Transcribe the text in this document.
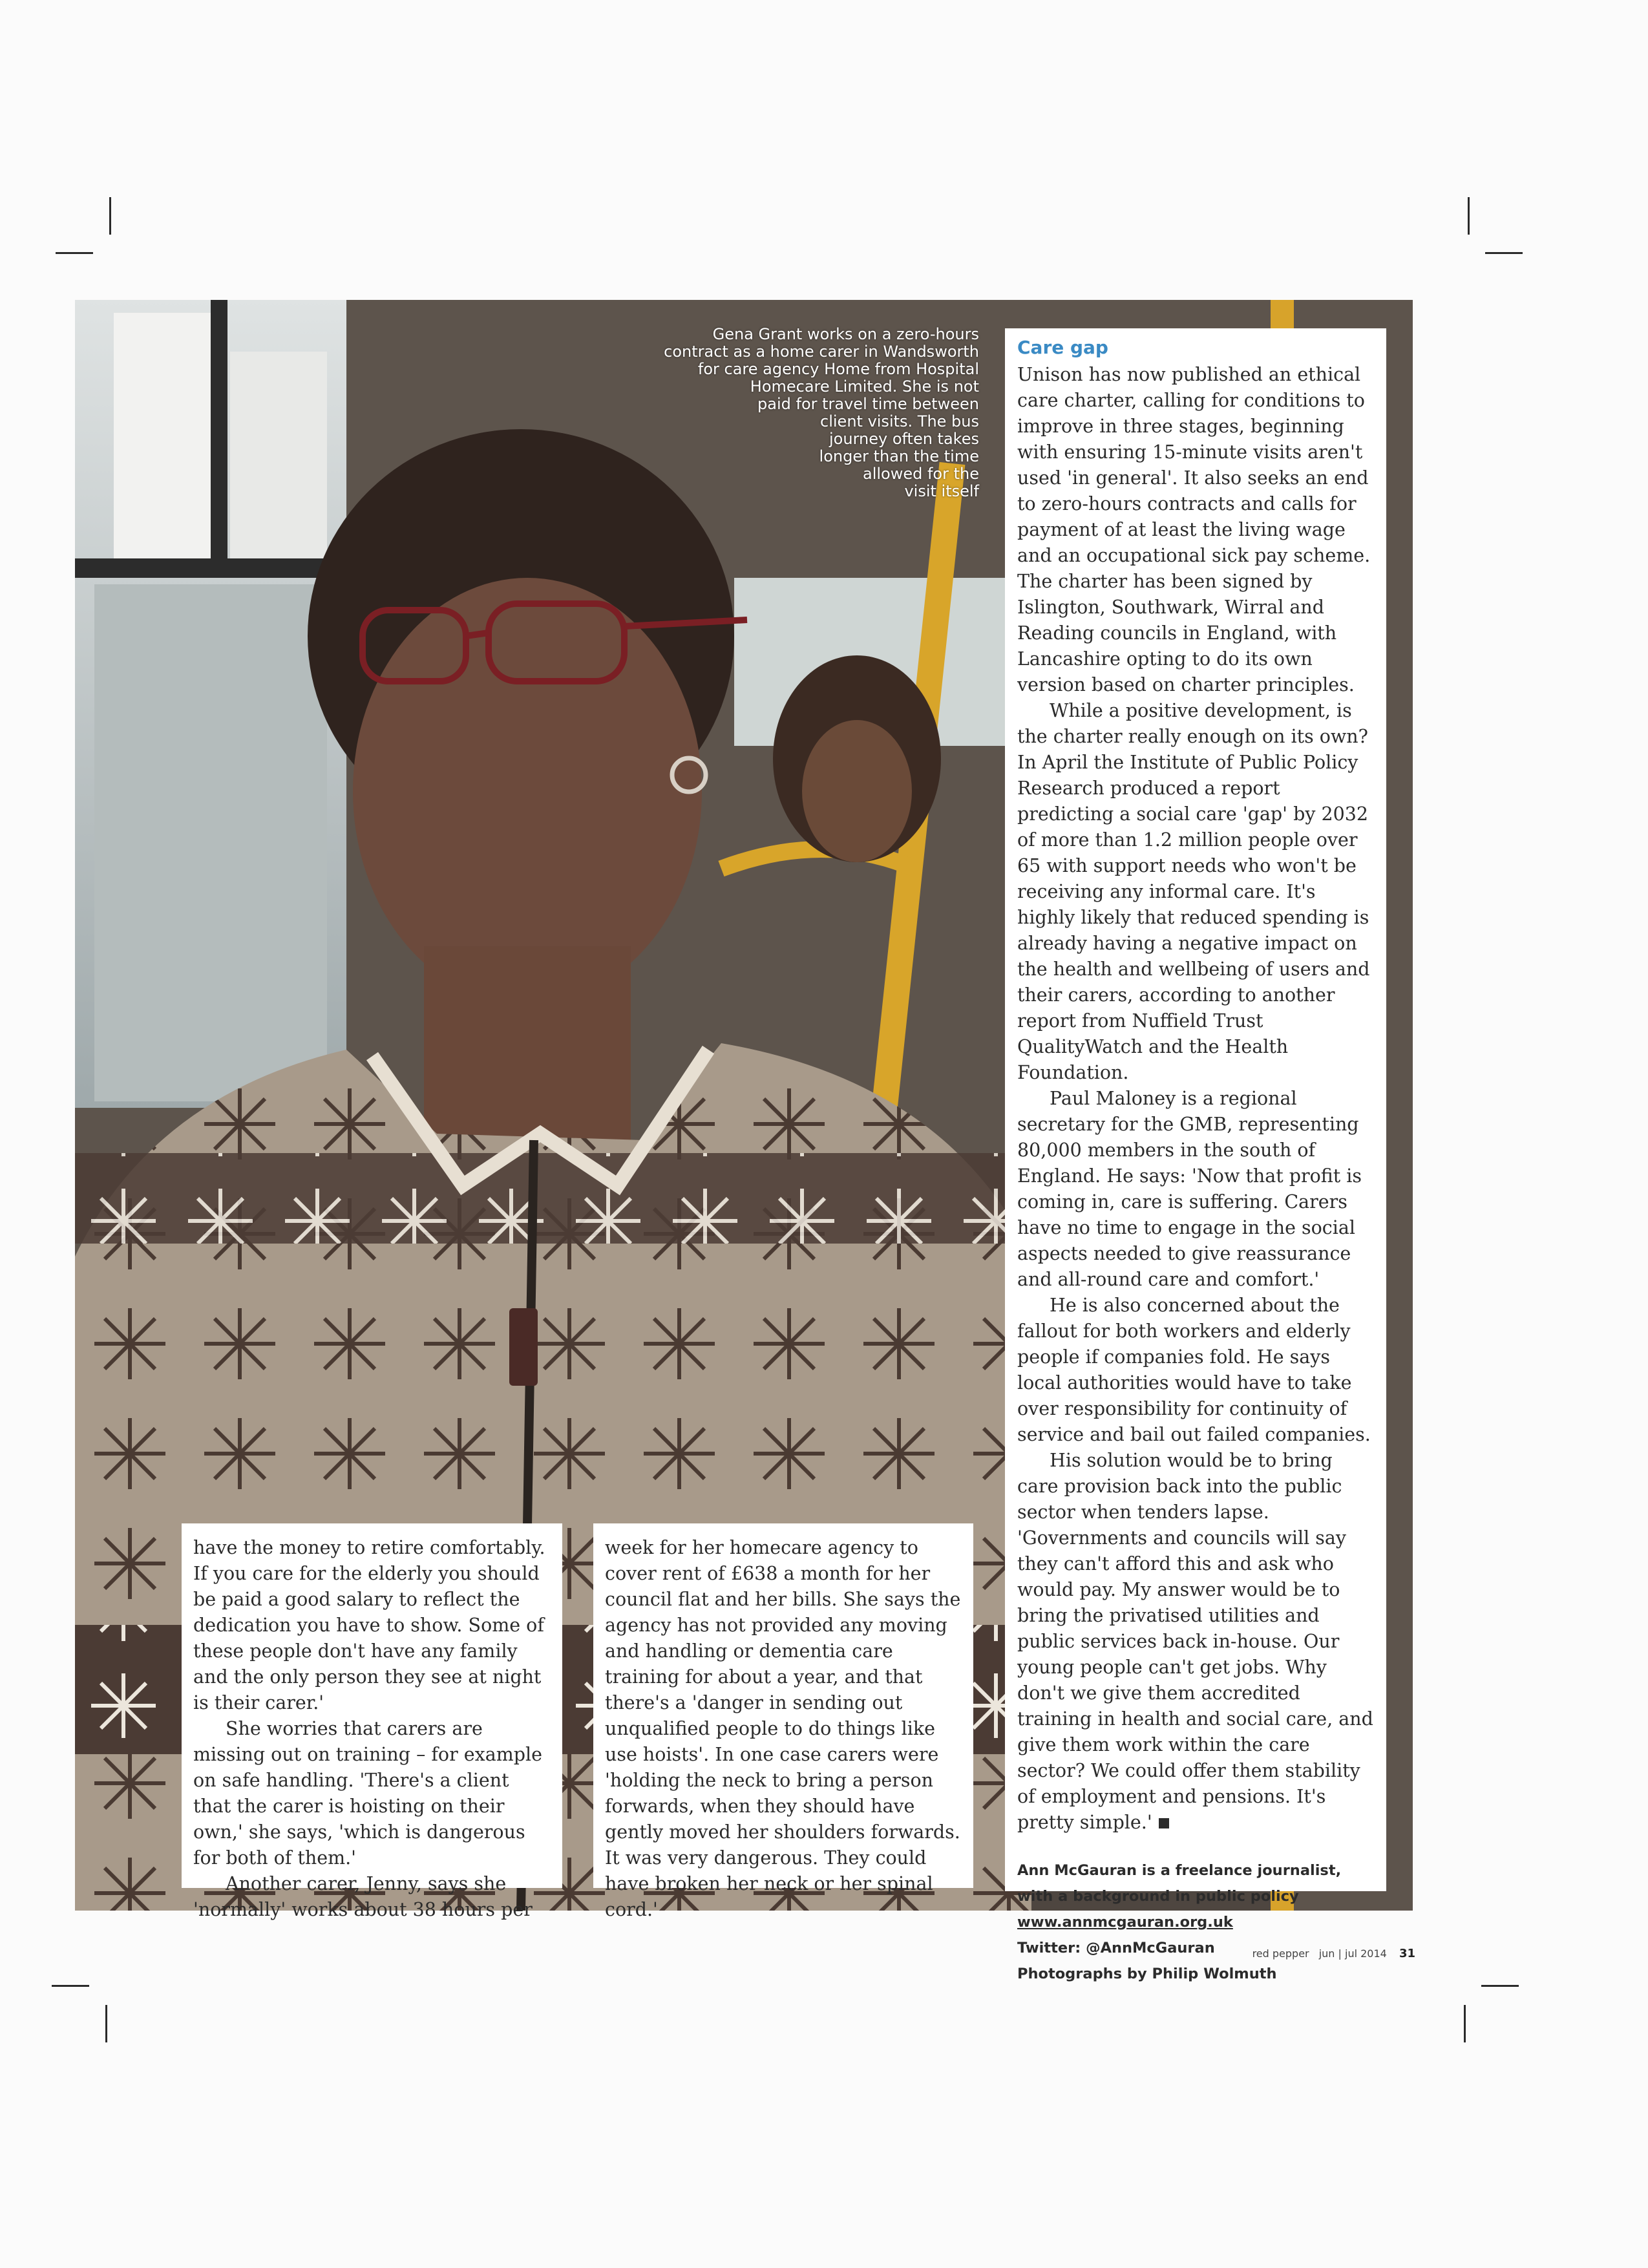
Gena Grant works on a zero-hours
contract as a home carer in Wandsworth
for care agency Home from Hospital
Homecare Limited. She is not
paid for travel time between
client visits. The bus
journey often takes
longer than the time
allowed for the
visit itself
Care gap

Unison has now published an ethical care charter, calling for conditions to improve in three stages, beginning with ensuring 15-minute visits aren't used 'in general'. It also seeks an end to zero-hours contracts and calls for payment of at least the living wage and an occupational sick pay scheme. The charter has been signed by Islington, Southwark, Wirral and Reading councils in England, with Lancashire opting to do its own version based on charter principles.

While a positive development, is the charter really enough on its own? In April the Institute of Public Policy Research produced a report predicting a social care 'gap' by 2032 of more than 1.2 million people over 65 with support needs who won't be receiving any informal care. It's highly likely that reduced spending is already having a negative impact on the health and wellbeing of users and their carers, according to another report from Nuffield Trust QualityWatch and the Health Foundation.

Paul Maloney is a regional secretary for the GMB, representing 80,000 members in the south of England. He says: 'Now that profit is coming in, care is suffering. Carers have no time to engage in the social aspects needed to give reassurance and all-round care and comfort.'

He is also concerned about the fallout for both workers and elderly people if companies fold. He says local authorities would have to take over responsibility for continuity of service and bail out failed companies.

His solution would be to bring care provision back into the public sector when tenders lapse. 'Governments and councils will say they can't afford this and ask who would pay. My answer would be to bring the privatised utilities and public services back in-house. Our young people can't get jobs. Why don't we give them accredited training in health and social care, and give them work within the care sector? We could offer them stability of employment and pensions. It's pretty simple.'

Ann McGauran is a freelance journalist,
with a background in public policy
www.annmcgauran.org.uk
Twitter: @AnnMcGauran
Photographs by Philip Wolmuth

have the money to retire comfortably. If you care for the elderly you should be paid a good salary to reflect the dedication you have to show. Some of these people don't have any family and the only person they see at night is their carer.'

She worries that carers are missing out on training – for example on safe handling. 'There's a client that the carer is hoisting on their own,' she says, 'which is dangerous for both of them.'

Another carer, Jenny, says she 'normally' works about 38 hours per

week for her homecare agency to cover rent of £638 a month for her council flat and her bills. She says the agency has not provided any moving and handling or dementia care training for about a year, and that there's a 'danger in sending out unqualified people to do things like use hoists'. In one case carers were 'holding the neck to bring a person forwards, when they should have gently moved her shoulders forwards. It was very dangerous. They could have broken her neck or her spinal cord.'

red pepper jun | jul 2014 31
